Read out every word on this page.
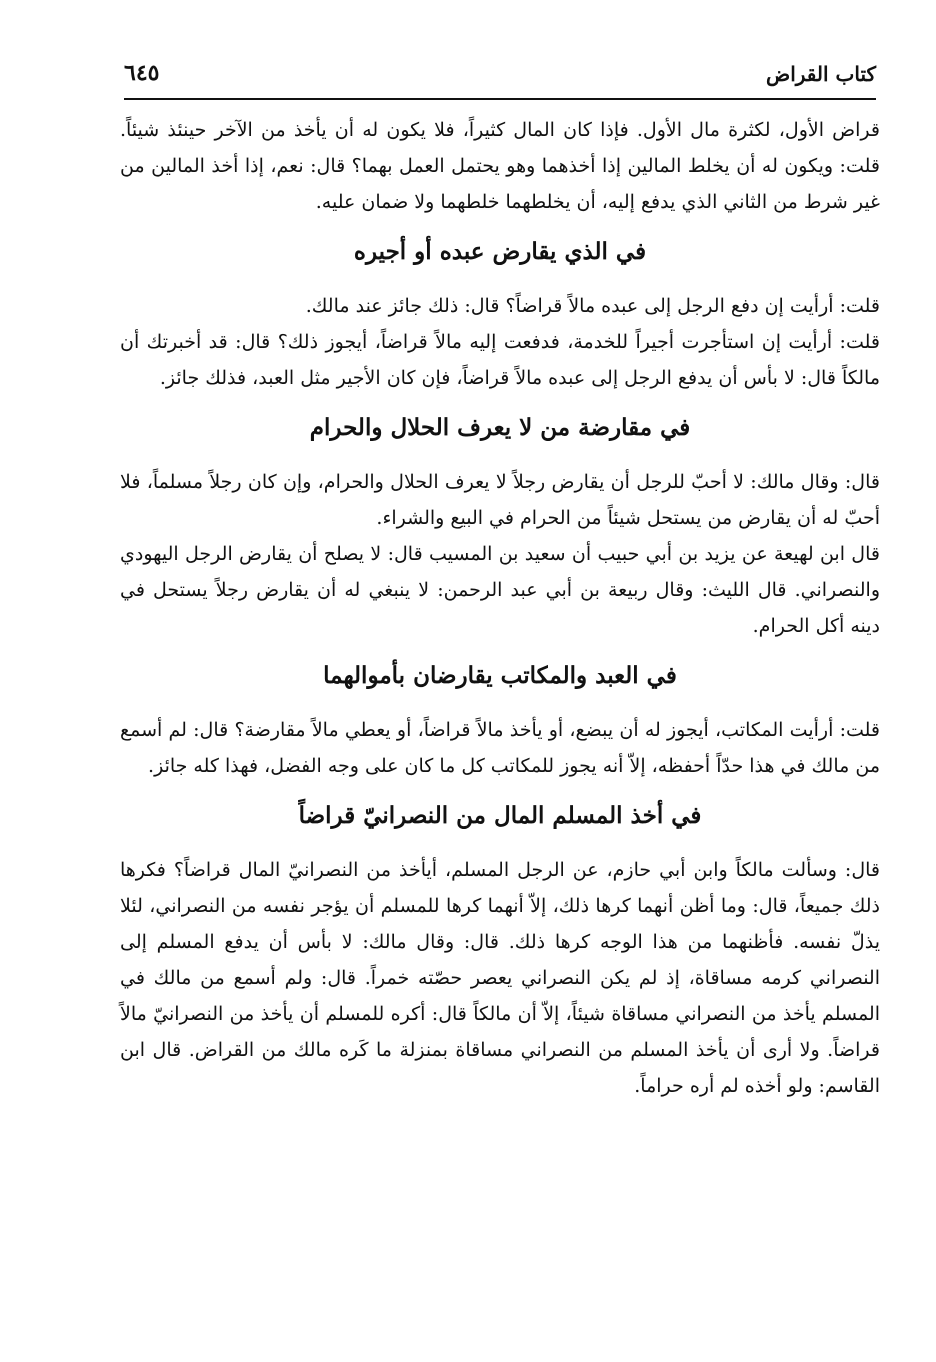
كتاب القراض
٦٤٥

قراض الأول، لكثرة مال الأول. فإذا كان المال كثيراً، فلا يكون له أن يأخذ من الآخر حينئذ شيئاً. قلت: ويكون له أن يخلط المالين إذا أخذهما وهو يحتمل العمل بهما؟ قال: نعم، إذا أخذ المالين من غير شرط من الثاني الذي يدفع إليه، أن يخلطهما خلطهما ولا ضمان عليه.

في الذي يقارض عبده أو أجيره

قلت: أرأيت إن دفع الرجل إلى عبده مالاً قراضاً؟ قال: ذلك جائز عند مالك.

قلت: أرأيت إن استأجرت أجيراً للخدمة، فدفعت إليه مالاً قراضاً، أيجوز ذلك؟ قال: قد أخبرتك أن مالكاً قال: لا بأس أن يدفع الرجل إلى عبده مالاً قراضاً، فإن كان الأجير مثل العبد، فذلك جائز.

في مقارضة من لا يعرف الحلال والحرام

قال: وقال مالك: لا أحبّ للرجل أن يقارض رجلاً لا يعرف الحلال والحرام، وإن كان رجلاً مسلماً، فلا أحبّ له أن يقارض من يستحل شيئاً من الحرام في البيع والشراء.

قال ابن لهيعة عن يزيد بن أبي حبيب أن سعيد بن المسيب قال: لا يصلح أن يقارض الرجل اليهودي والنصراني. قال الليث: وقال ربيعة بن أبي عبد الرحمن: لا ينبغي له أن يقارض رجلاً يستحل في دينه أكل الحرام.

في العبد والمكاتب يقارضان بأموالهما

قلت: أرأيت المكاتب، أيجوز له أن يبضع، أو يأخذ مالاً قراضاً، أو يعطي مالاً مقارضة؟ قال: لم أسمع من مالك في هذا حدّاً أحفظه، إلاّ أنه يجوز للمكاتب كل ما كان على وجه الفضل، فهذا كله جائز.

في أخذ المسلم المال من النصرانيّ قراضاً

قال: وسألت مالكاً وابن أبي حازم، عن الرجل المسلم، أيأخذ من النصرانيّ المال قراضاً؟ فكرها ذلك جميعاً، قال: وما أظن أنهما كرها ذلك، إلاّ أنهما كرها للمسلم أن يؤجر نفسه من النصراني، لئلا يذلّ نفسه. فأظنهما من هذا الوجه كرها ذلك. قال: وقال مالك: لا بأس أن يدفع المسلم إلى النصراني كرمه مساقاة، إذ لم يكن النصراني يعصر حصّته خمراً. قال: ولم أسمع من مالك في المسلم يأخذ من النصراني مساقاة شيئاً، إلاّ أن مالكاً قال: أكره للمسلم أن يأخذ من النصرانيّ مالاً قراضاً. ولا أرى أن يأخذ المسلم من النصراني مساقاة بمنزلة ما كَره مالك من القراض. قال ابن القاسم: ولو أخذه لم أره حراماً.
